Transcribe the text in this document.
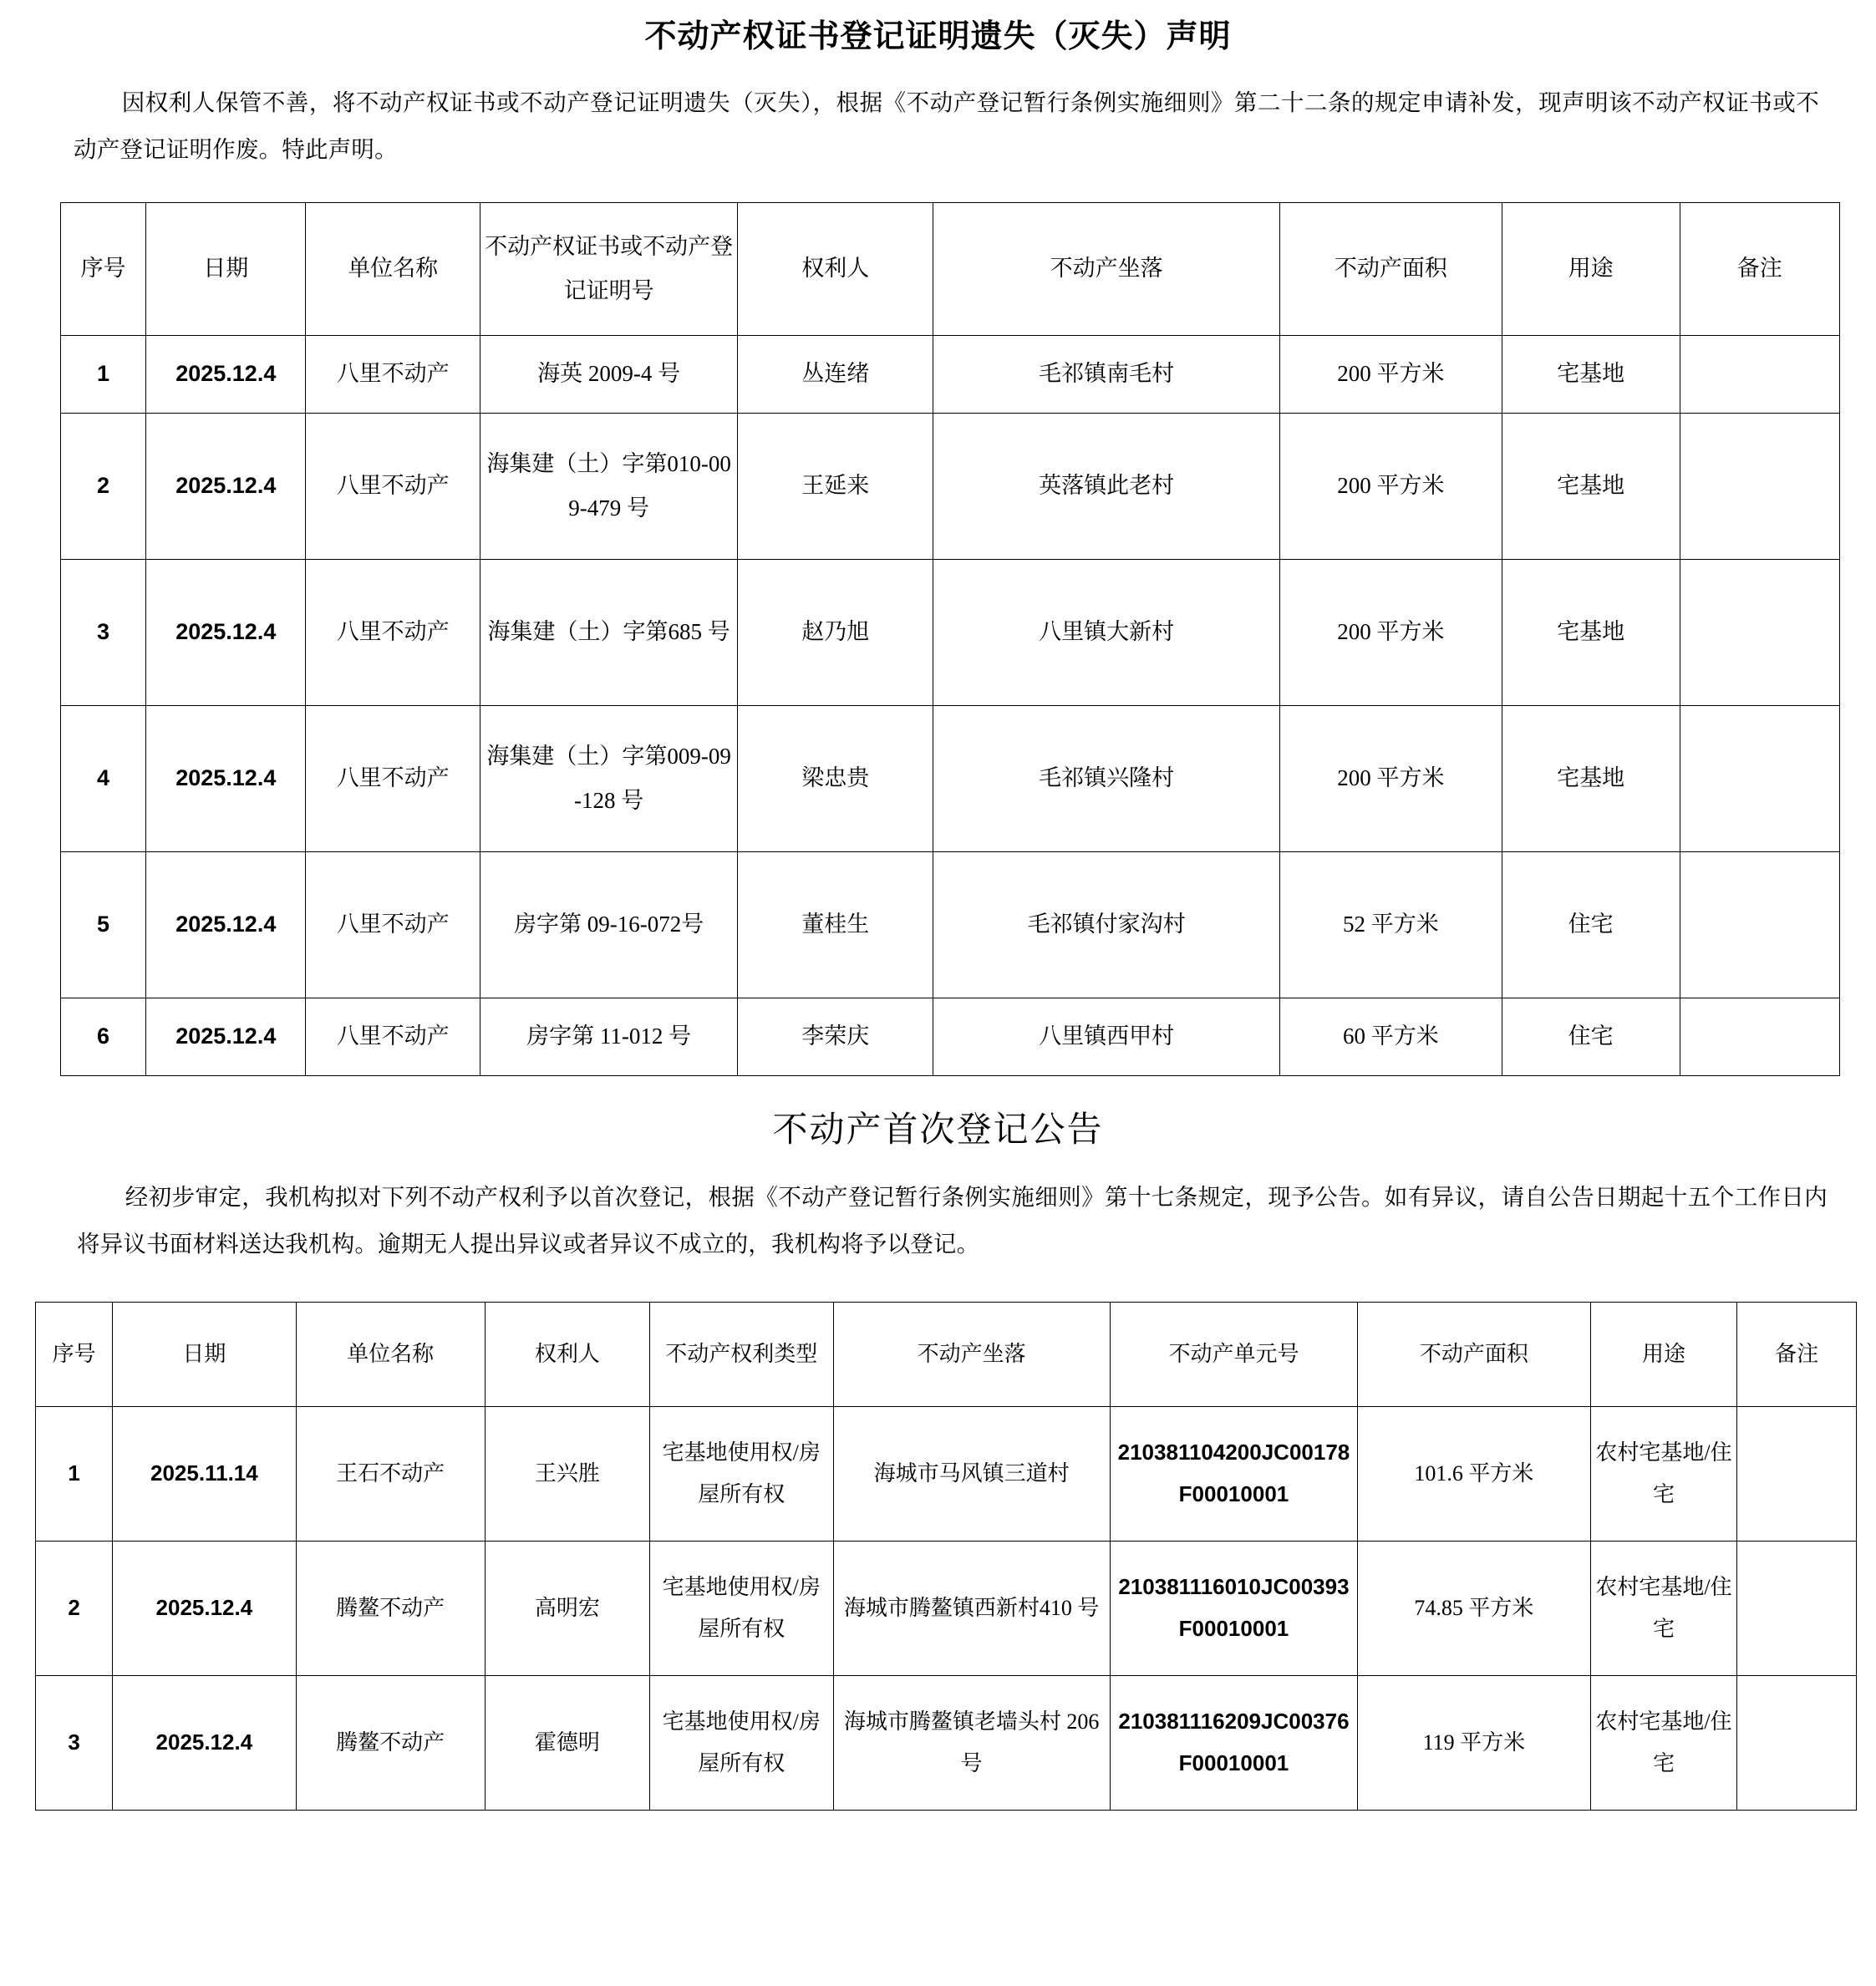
不动产权证书登记证明遗失（灭失）声明

因权利人保管不善，将不动产权证书或不动产登记证明遗失（灭失），根据《不动产登记暂行条例实施细则》第二十二条的规定申请补发，现声明该不动产权证书或不动产登记证明作废。特此声明。

序号	日期	单位名称	不动产权证书或不动产登记证明号	权利人	不动产坐落	不动产面积	用途	备注
1	2025.12.4	八里不动产	海英 2009-4 号	丛连绪	毛祁镇南毛村	200 平方米	宅基地	
2	2025.12.4	八里不动产	海集建（土）字第010-009-479 号	王延来	英落镇此老村	200 平方米	宅基地	
3	2025.12.4	八里不动产	海集建（土）字第685 号	赵乃旭	八里镇大新村	200 平方米	宅基地	
4	2025.12.4	八里不动产	海集建（土）字第009-09-128 号	梁忠贵	毛祁镇兴隆村	200 平方米	宅基地	
5	2025.12.4	八里不动产	房字第 09-16-072号	董桂生	毛祁镇付家沟村	52 平方米	住宅	
6	2025.12.4	八里不动产	房字第 11-012 号	李荣庆	八里镇西甲村	60 平方米	住宅	
不动产首次登记公告

经初步审定，我机构拟对下列不动产权利予以首次登记，根据《不动产登记暂行条例实施细则》第十七条规定，现予公告。如有异议，请自公告日期起十五个工作日内将异议书面材料送达我机构。逾期无人提出异议或者异议不成立的，我机构将予以登记。

序号	日期	单位名称	权利人	不动产权利类型	不动产坐落	不动产单元号	不动产面积	用途	备注
1	2025.11.14	王石不动产	王兴胜	宅基地使用权/房屋所有权	海城市马风镇三道村	210381104200JC00178F00010001	101.6 平方米	农村宅基地/住宅	
2	2025.12.4	腾鳌不动产	高明宏	宅基地使用权/房屋所有权	海城市腾鳌镇西新村410 号	210381116010JC00393F00010001	74.85 平方米	农村宅基地/住宅	
3	2025.12.4	腾鳌不动产	霍德明	宅基地使用权/房屋所有权	海城市腾鳌镇老墙头村 206 号	210381116209JC00376F00010001	119 平方米	农村宅基地/住宅	
